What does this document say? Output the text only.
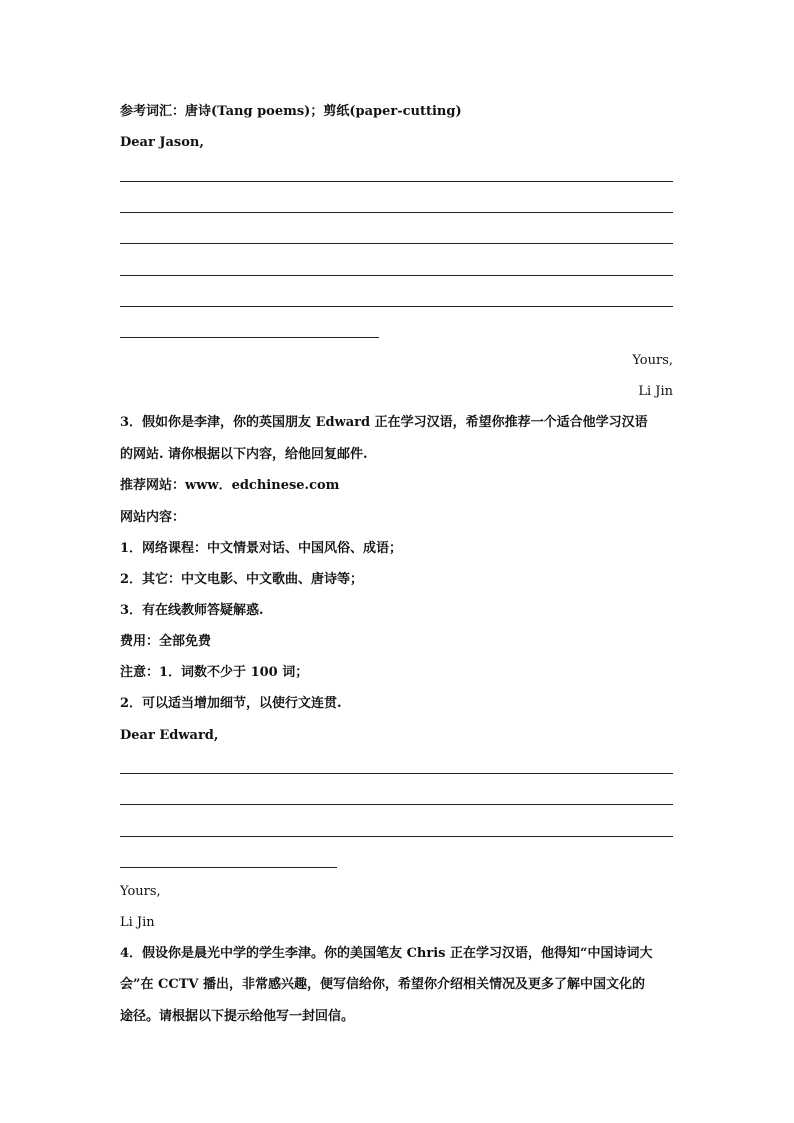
参考词汇：唐诗(Tang poems)；剪纸(paper-cutting)
Dear Jason,
Yours,
Li Jin
3．假如你是李津，你的英国朋友 Edward 正在学习汉语，希望你推荐一个适合他学习汉语
的网站. 请你根据以下内容，给他回复邮件.
推荐网站：www．edchinese.com
网站内容：
1．网络课程：中文情景对话、中国风俗、成语；
2．其它：中文电影、中文歌曲、唐诗等；
3．有在线教师答疑解惑.
费用：全部免费
注意：1．词数不少于 100 词；
2．可以适当增加细节，以使行文连贯.
Dear Edward,
Yours,
Li Jin
4．假设你是晨光中学的学生李津。你的美国笔友 Chris 正在学习汉语，他得知“中国诗词大
会”在 CCTV 播出，非常感兴趣，便写信给你，希望你介绍相关情况及更多了解中国文化的
途径。请根据以下提示给他写一封回信。
